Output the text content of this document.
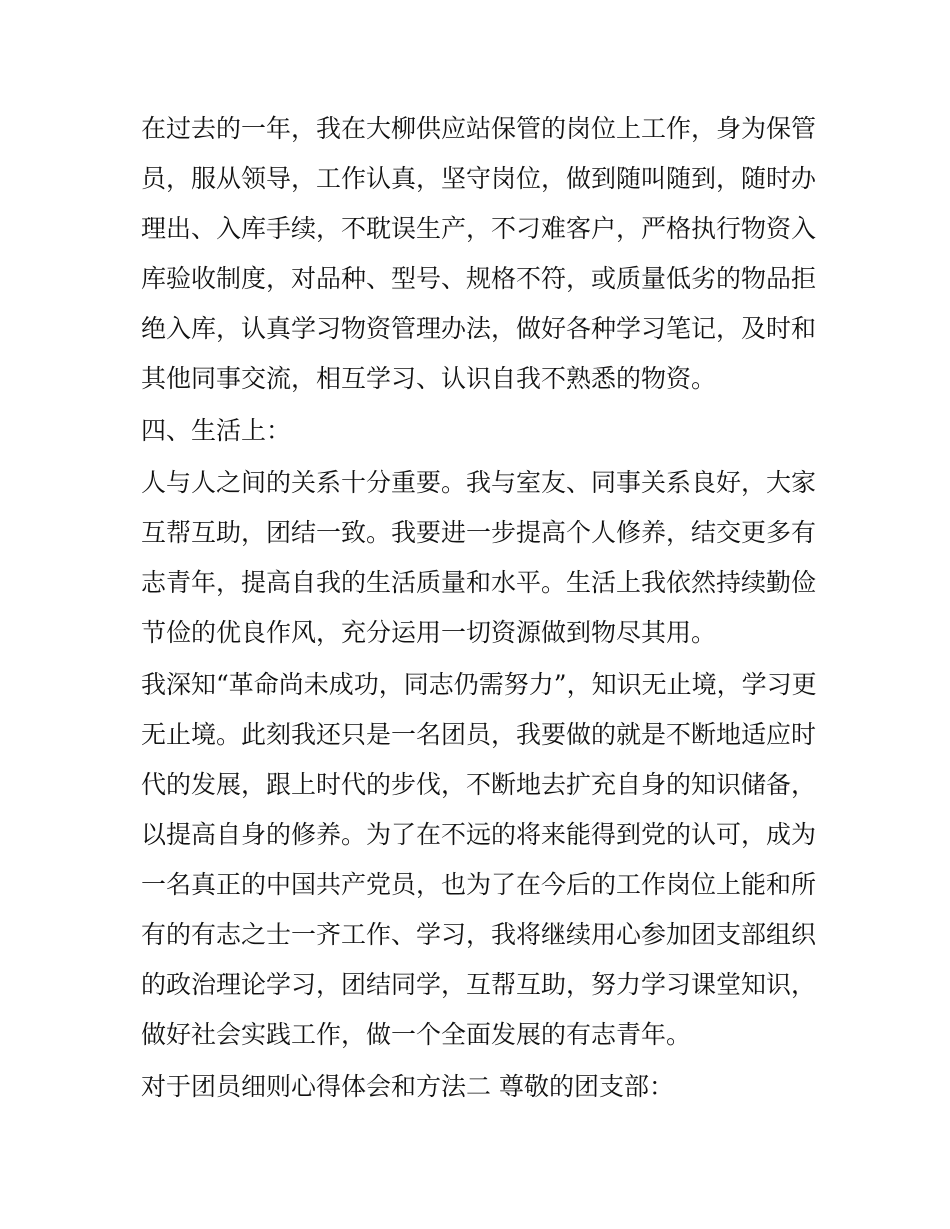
在过去的一年，我在大柳供应站保管的岗位上工作，身为保管
员，服从领导，工作认真，坚守岗位，做到随叫随到，随时办
理出、入库手续，不耽误生产，不刁难客户，严格执行物资入
库验收制度，对品种、型号、规格不符，或质量低劣的物品拒
绝入库，认真学习物资管理办法，做好各种学习笔记，及时和
其他同事交流，相互学习、认识自我不熟悉的物资。
四、生活上：
人与人之间的关系十分重要。我与室友、同事关系良好，大家
互帮互助，团结一致。我要进一步提高个人修养，结交更多有
志青年，提高自我的生活质量和水平。生活上我依然持续勤俭
节俭的优良作风，充分运用一切资源做到物尽其用。
我深知“革命尚未成功，同志仍需努力”，知识无止境，学习更
无止境。此刻我还只是一名团员，我要做的就是不断地适应时
代的发展，跟上时代的步伐，不断地去扩充自身的知识储备，
以提高自身的修养。为了在不远的将来能得到党的认可，成为
一名真正的中国共产党员，也为了在今后的工作岗位上能和所
有的有志之士一齐工作、学习，我将继续用心参加团支部组织
的政治理论学习，团结同学，互帮互助，努力学习课堂知识，
做好社会实践工作，做一个全面发展的有志青年。
对于团员细则心得体会和方法二 尊敬的团支部：
